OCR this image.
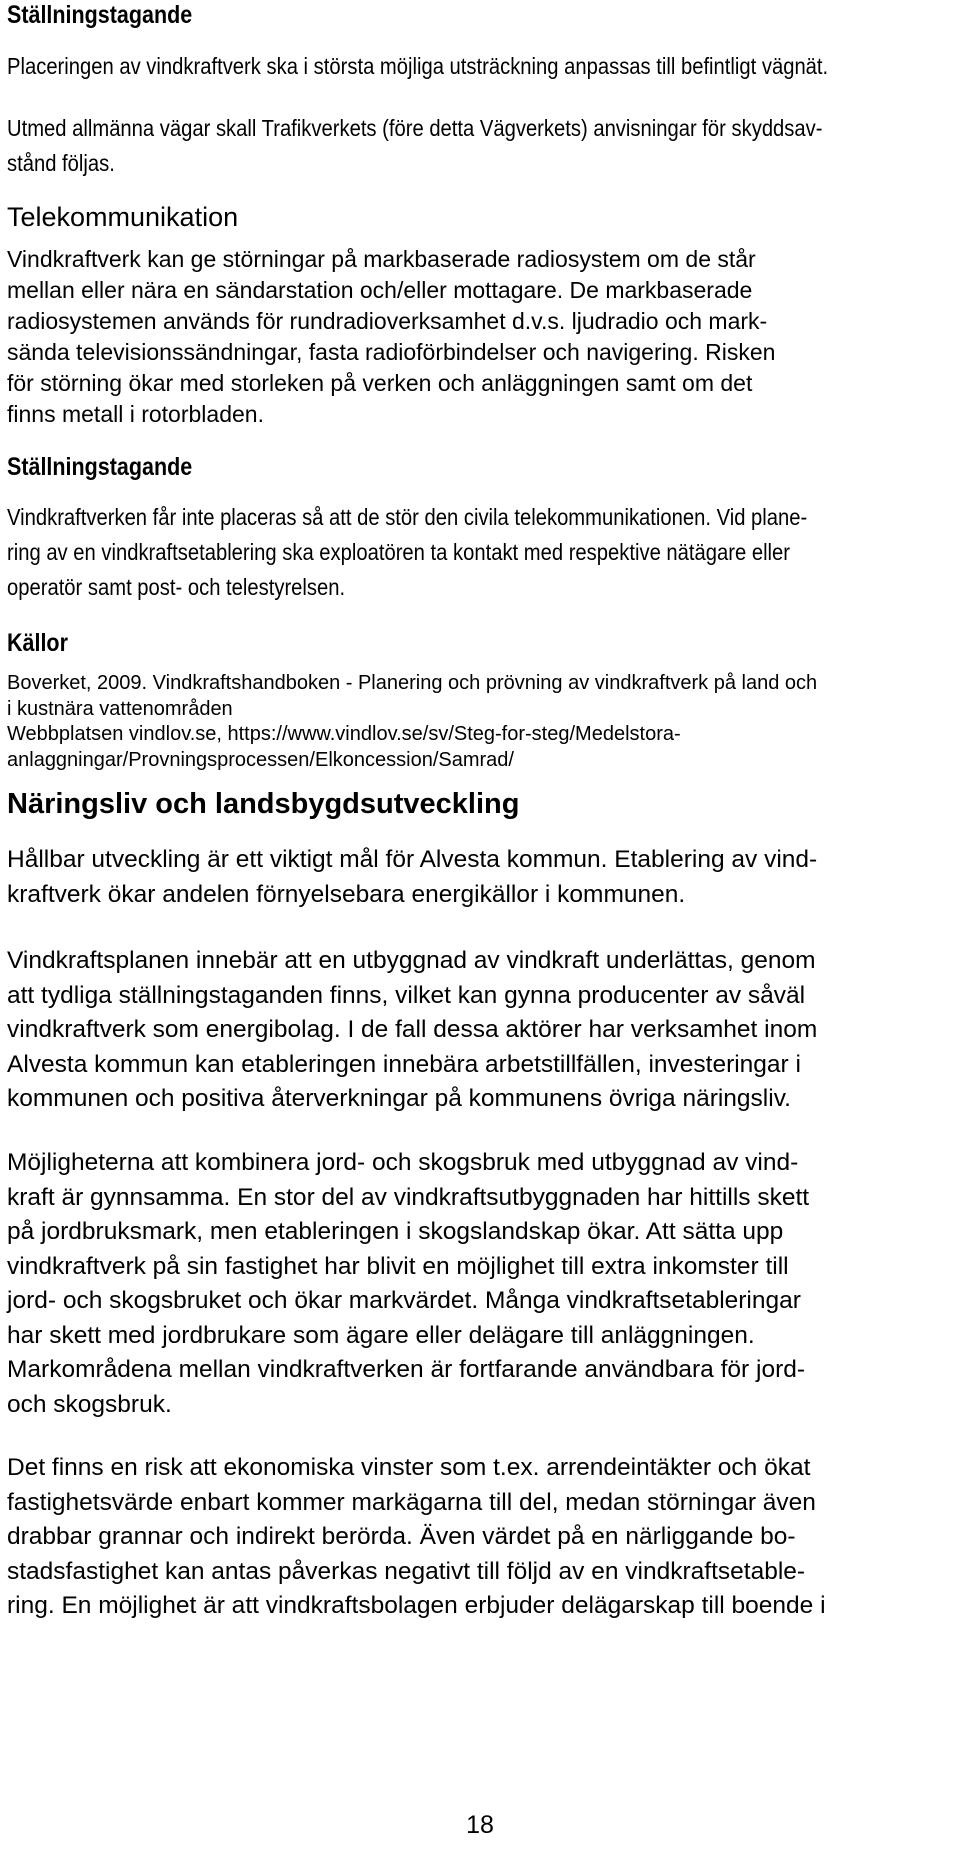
Ställningstagande
Placeringen av vindkraftverk ska i största möjliga utsträckning anpassas till befintligt vägnät.
Utmed allmänna vägar skall Trafikverkets (före detta Vägverkets) anvisningar för skyddsav-
stånd följas.
Telekommunikation
Vindkraftverk kan ge störningar på markbaserade radiosystem om de står
mellan eller nära en sändarstation och/eller mottagare. De markbaserade
radiosystemen används för rundradioverksamhet d.v.s. ljudradio och mark-
sända televisionssändningar, fasta radioförbindelser och navigering. Risken
för störning ökar med storleken på verken och anläggningen samt om det
finns metall i rotorbladen.
Ställningstagande
Vindkraftverken får inte placeras så att de stör den civila telekommunikationen. Vid plane-
ring av en vindkraftsetablering ska exploatören ta kontakt med respektive nätägare eller
operatör samt post- och telestyrelsen.
Källor
Boverket, 2009. Vindkraftshandboken - Planering och prövning av vindkraftverk på land och
i kustnära vattenområden
Webbplatsen vindlov.se, https://www.vindlov.se/sv/Steg-for-steg/Medelstora-
anlaggningar/Provningsprocessen/Elkoncession/Samrad/
Näringsliv och landsbygdsutveckling
Hållbar utveckling är ett viktigt mål för Alvesta kommun. Etablering av vind-
kraftverk ökar andelen förnyelsebara energikällor i kommunen.
Vindkraftsplanen innebär att en utbyggnad av vindkraft underlättas, genom
att tydliga ställningstaganden finns, vilket kan gynna producenter av såväl
vindkraftverk som energibolag. I de fall dessa aktörer har verksamhet inom
Alvesta kommun kan etableringen innebära arbetstillfällen, investeringar i
kommunen och positiva återverkningar på kommunens övriga näringsliv.
Möjligheterna att kombinera jord- och skogsbruk med utbyggnad av vind-
kraft är gynnsamma. En stor del av vindkraftsutbyggnaden har hittills skett
på jordbruksmark, men etableringen i skogslandskap ökar. Att sätta upp
vindkraftverk på sin fastighet har blivit en möjlighet till extra inkomster till
jord- och skogsbruket och ökar markvärdet. Många vindkraftsetableringar
har skett med jordbrukare som ägare eller delägare till anläggningen.
Markområdena mellan vindkraftverken är fortfarande användbara för jord-
och skogsbruk.
Det finns en risk att ekonomiska vinster som t.ex. arrendeintäkter och ökat
fastighetsvärde enbart kommer markägarna till del, medan störningar även
drabbar grannar och indirekt berörda. Även värdet på en närliggande bo-
stadsfastighet kan antas påverkas negativt till följd av en vindkraftsetable-
ring. En möjlighet är att vindkraftsbolagen erbjuder delägarskap till boende i
18
